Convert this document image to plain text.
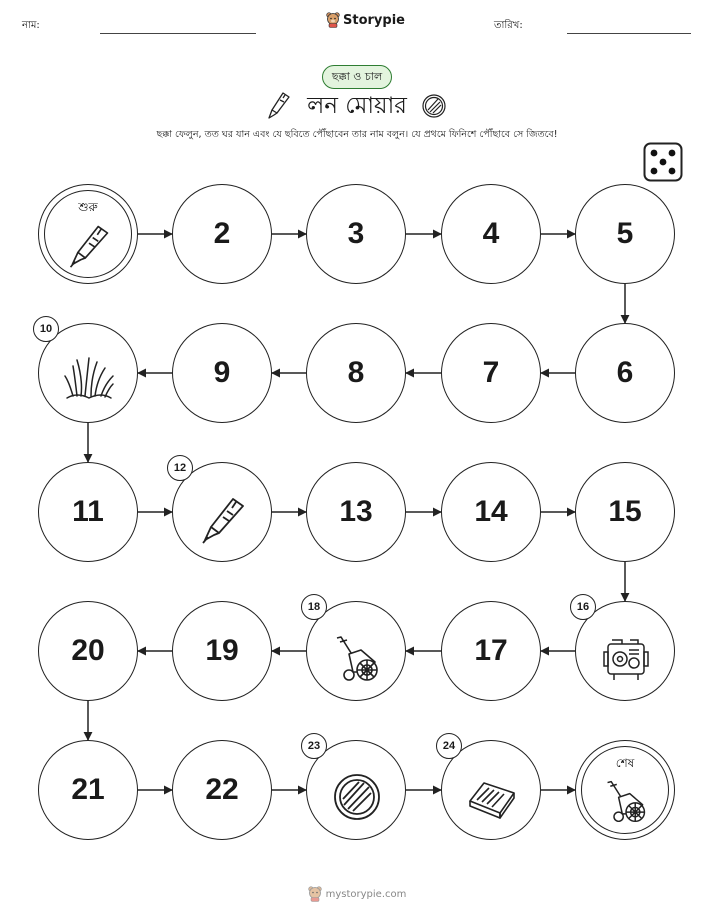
নাম:	Storypie	তারিখ:
ছক্কা ও চাল
লন মোয়ার
ছক্কা ফেলুন, তত ঘর যান এবং যে ছবিতে পৌঁছাবেন তার নাম বলুন। যে প্রথমে ফিনিশে পৌঁছাবে সে জিতবে!
শুরু
2	3	4	5
6
7
8
9
10
11
12
13	14	15
16
17
18
19
20
21	22
23	24
শেষ
mystorypie.com
